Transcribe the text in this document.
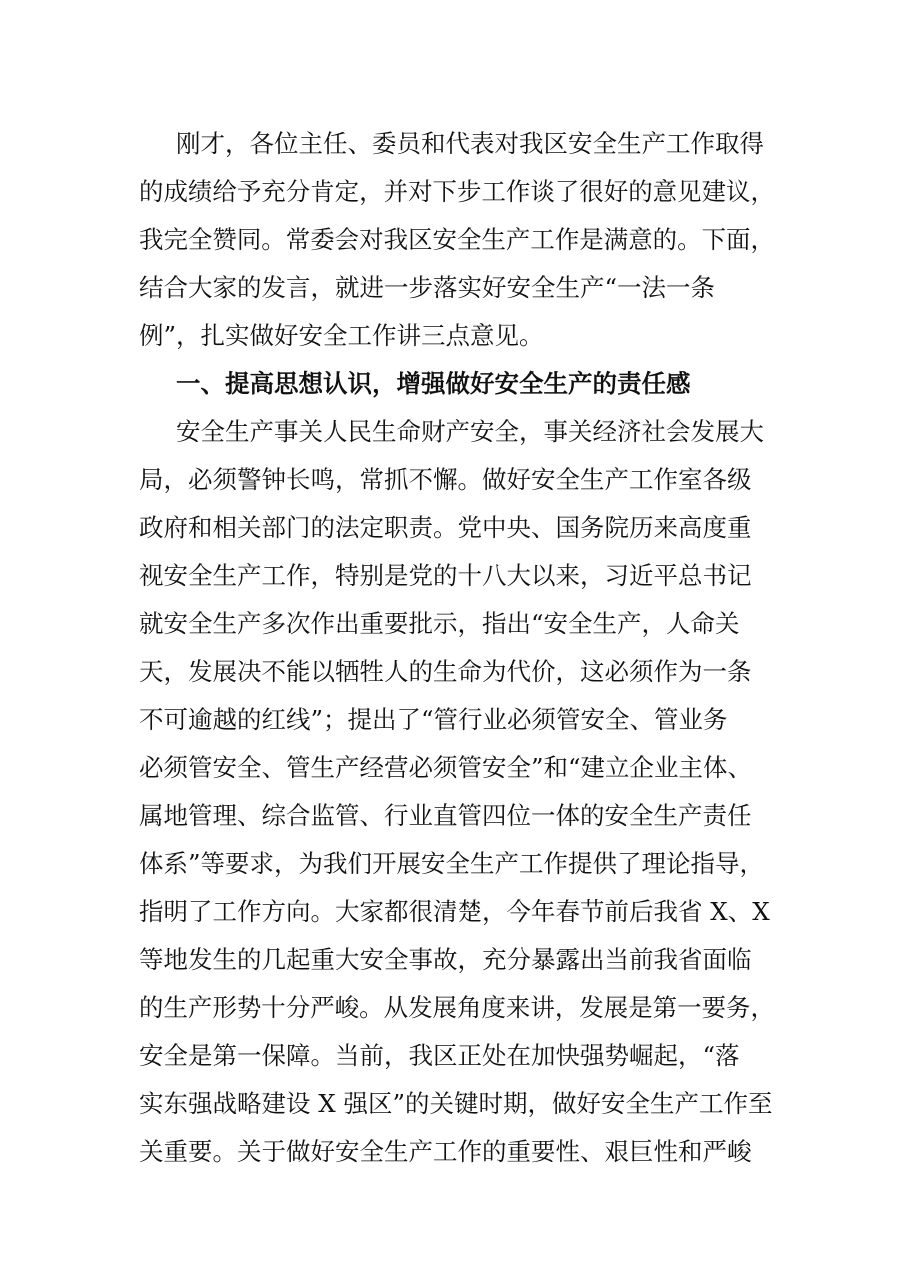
刚才，各位主任、委员和代表对我区安全生产工作取得

的成绩给予充分肯定，并对下步工作谈了很好的意见建议，

我完全赞同。常委会对我区安全生产工作是满意的。下面，

结合大家的发言，就进一步落实好安全生产“一法一条

例”，扎实做好安全工作讲三点意见。

一、提高思想认识，增强做好安全生产的责任感

安全生产事关人民生命财产安全，事关经济社会发展大

局，必须警钟长鸣，常抓不懈。做好安全生产工作室各级

政府和相关部门的法定职责。党中央、国务院历来高度重

视安全生产工作，特别是党的十八大以来，习近平总书记

就安全生产多次作出重要批示，指出“安全生产，人命关

天，发展决不能以牺牲人的生命为代价，这必须作为一条

不可逾越的红线”；提出了“管行业必须管安全、管业务

必须管安全、管生产经营必须管安全”和“建立企业主体、

属地管理、综合监管、行业直管四位一体的安全生产责任

体系”等要求，为我们开展安全生产工作提供了理论指导，

指明了工作方向。大家都很清楚，今年春节前后我省 X、X

等地发生的几起重大安全事故，充分暴露出当前我省面临

的生产形势十分严峻。从发展角度来讲，发展是第一要务，

安全是第一保障。当前，我区正处在加快强势崛起，“落

实东强战略建设 X 强区”的关键时期，做好安全生产工作至

关重要。关于做好安全生产工作的重要性、艰巨性和严峻
